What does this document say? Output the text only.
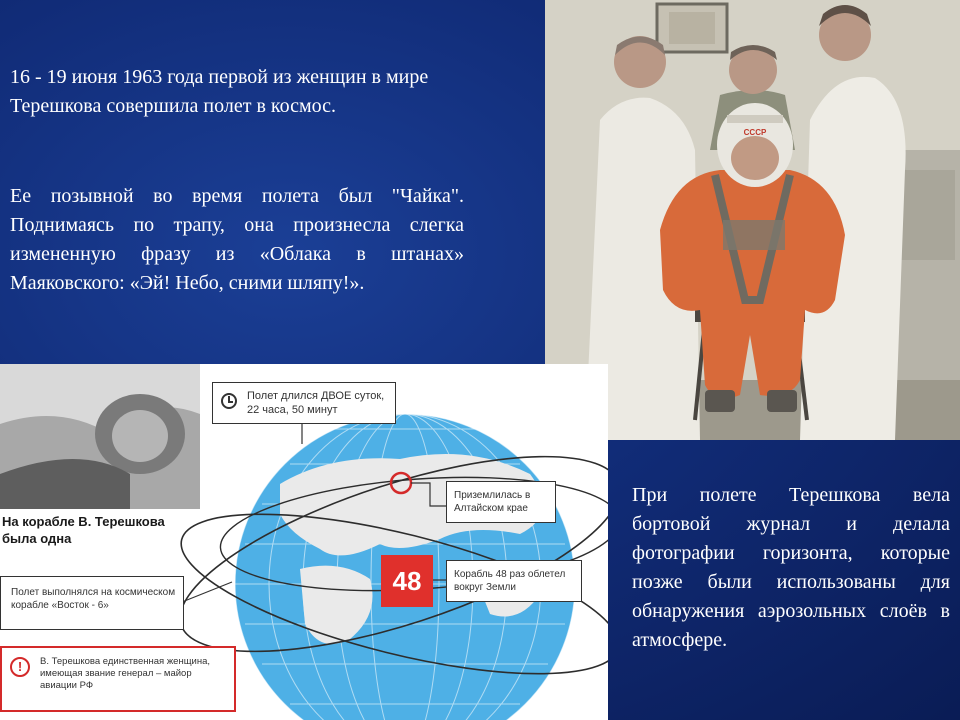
16 - 19 июня 1963 года первой из женщин в мире Терешкова совершила полет в космос.
Ее позывной во время полета был "Чайка". Поднимаясь по трапу, она произнесла слегка измененную фразу из «Облака в штанах» Маяковского: «Эй! Небо, сними шляпу!».
При полете Терешкова вела бортовой журнал и делала фотографии горизонта, которые позже были использованы для обнаружения аэрозольных слоёв в атмосфере.
СССР
Полет длился ДВОЕ суток, 22 часа, 50 минут
Приземлилась в Алтайском крае
48	Корабль 48 раз облетел вокруг Земли
На корабле В. Терешкова была одна
Полет выполнялся на космическом корабле «Восток - 6»
!	В. Терешкова единственная женщина, имеющая звание генерал – майор авиации РФ
